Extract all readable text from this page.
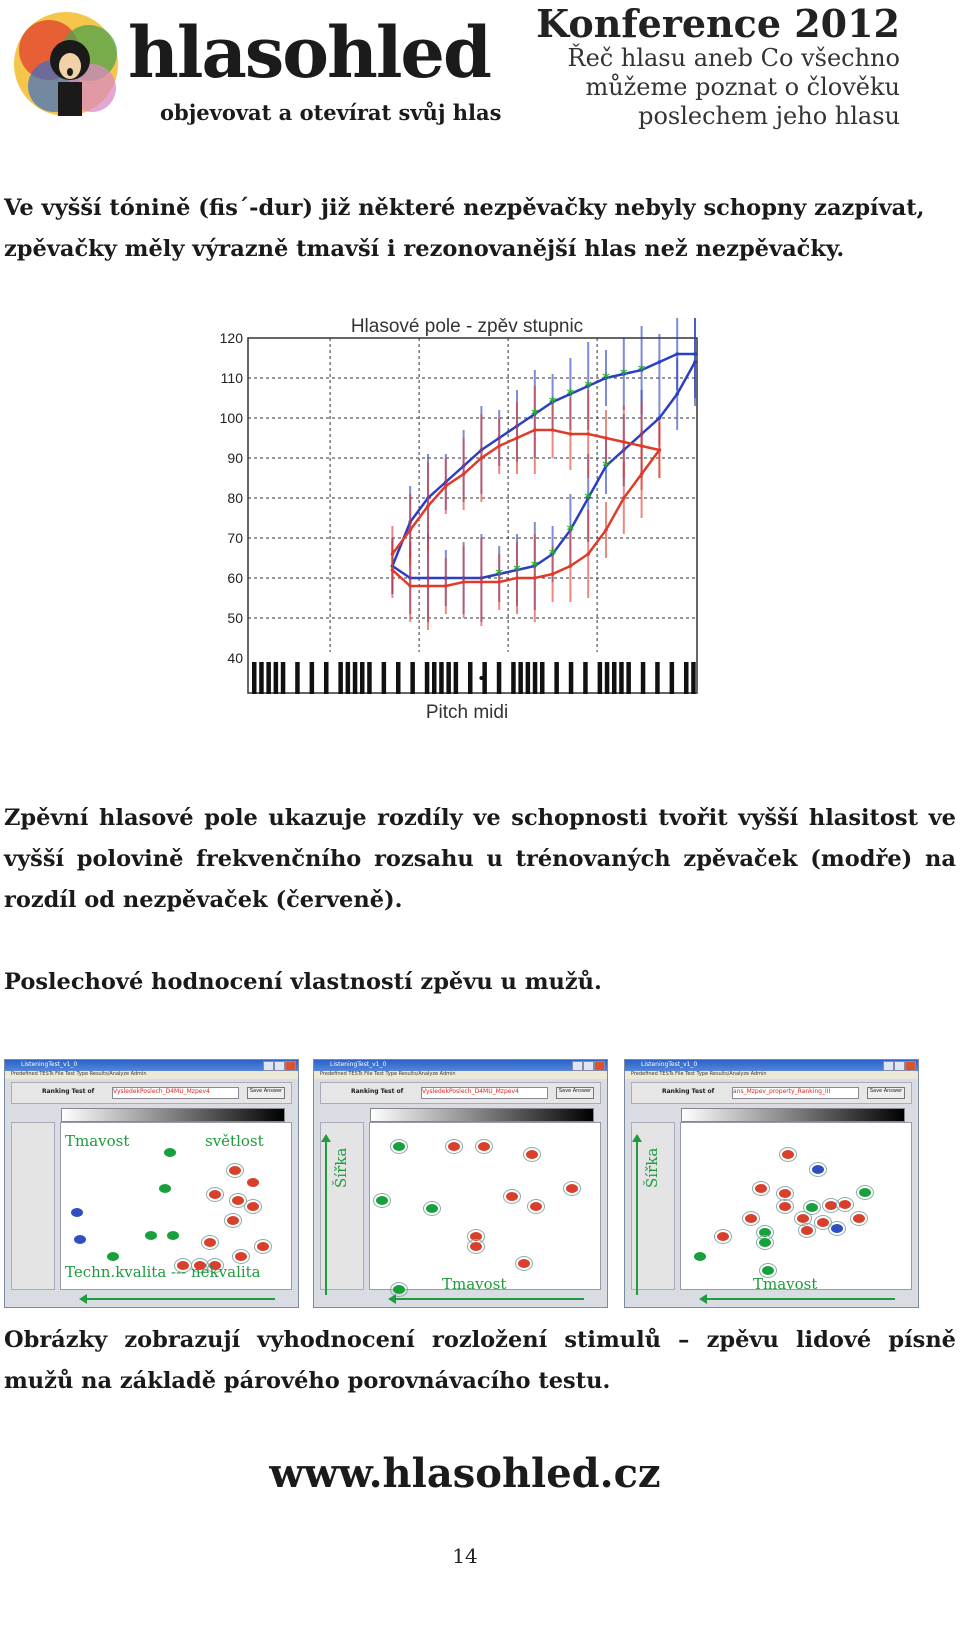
hlasohled
objevovat a otevírat svůj hlas
Konference 2012
Řeč hlasu aneb Co všechno můžeme poznat o člověku poslechem jeho hlasu
Ve vyšší tónině (fis´-dur) již některé nezpěvačky nebyly schopny zazpívat, zpěvačky měly výrazně tmavší i rezonovanější hlas než nezpěvačky.
Hlasové pole - zpěv stupnic
40
50
60
70
80
90
100
110
120
*
* * * * * *
* * *
*
*
*
*
Pitch midi
Zpěvní hlasové pole ukazuje rozdíly ve schopnosti tvořit vyšší hlasitost ve vyšší polovině frekvenčního rozsahu u trénovaných zpěvaček (modře) na rozdíl od nezpěvaček (červeně).
Poslechové hodnocení vlastností zpěvu u mužů.
ListeningTest_v1_0
Predefined TESTs File Test Type Results/Analyze Admin
Ranking Test of	VysledekPoslech_D4MU_Mzpev4	Save Answer
Tmavost	světlost
Techn.kvalita --- nekvalita
ListeningTest_v1_0
Predefined TESTs File Test Type Results/Analyze Admin
Ranking Test of	VysledekPoslech_D4MU_Mzpev4	Save Answer
Šířka
Tmavost
ListeningTest_v1_0
Predefined TESTs File Test Type Results/Analyze Admin
Ranking Test of	ans_Mzpev_property_Ranking_III	Save Answer
Šířka
Tmavost
Obrázky zobrazují vyhodnocení rozložení stimulů – zpěvu lidové písně mužů na základě párového porovnávacího testu.
www.hlasohled.cz
14
